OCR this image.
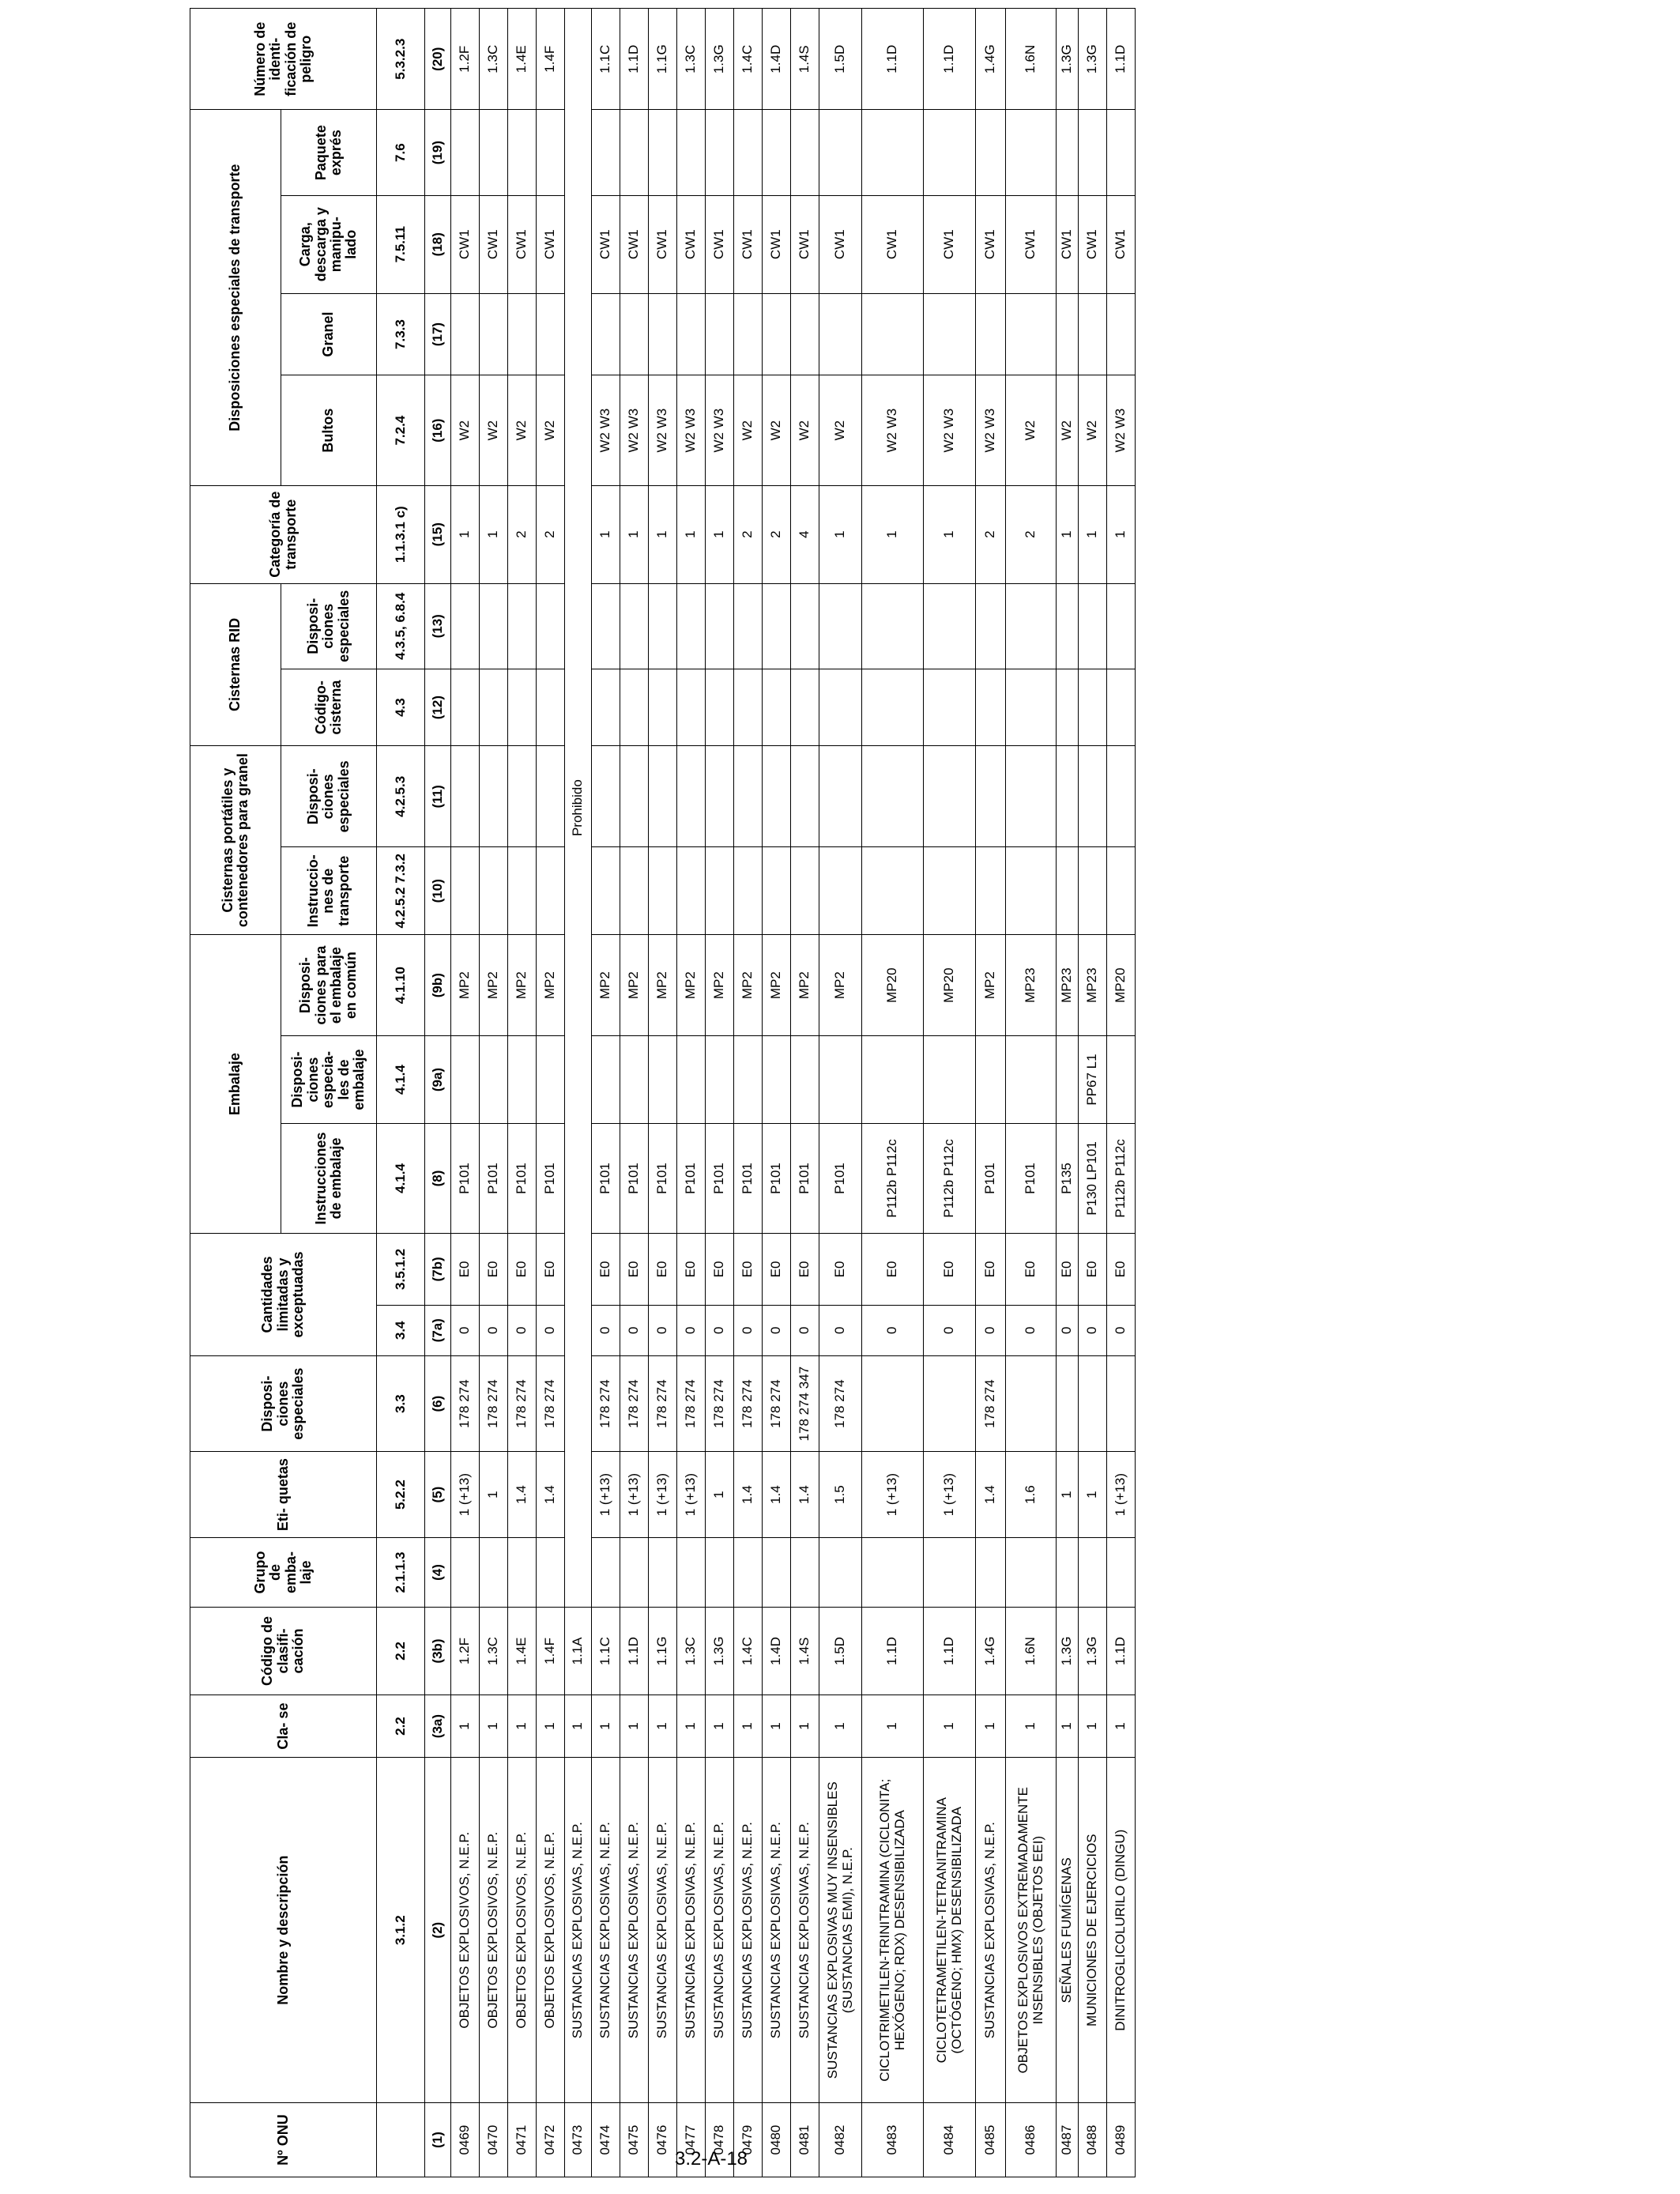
Nº ONU	Nombre y descripción	Cla- se	Código de clasifi- cación	Grupo de emba- laje	Eti- quetas	Disposi- ciones especiales	Cantidades limitadas y exceptuadas		Embalaje			Cisternas portátiles y contenedores para granel		Cisternas RID		Categoría de transporte	Disposiciones especiales de transporte				Número de identi- ficación de peligro
									Instrucciones de embalaje	Disposi- ciones especia- les de embalaje	Disposi- ciones para el embalaje en común	Instruccio- nes de transporte	Disposi- ciones especiales	Código- cisterna	Disposi- ciones especiales		Bultos	Granel	Carga, descarga y manipu- lado	Paquete exprés	
	3.1.2	2.2	2.2	2.1.1.3	5.2.2	3.3	3.4	3.5.1.2	4.1.4	4.1.4	4.1.10	4.2.5.2 7.3.2	4.2.5.3	4.3	4.3.5, 6.8.4	1.1.3.1 c)	7.2.4	7.3.3	7.5.11	7.6	5.3.2.3
(1)	(2)	(3a)	(3b)	(4)	(5)	(6)	(7a)	(7b)	(8)	(9a)	(9b)	(10)	(11)	(12)	(13)	(15)	(16)	(17)	(18)	(19)	(20)
0469	OBJETOS EXPLOSIVOS, N.E.P.	1	1.2F		1 (+13)	178 274	0	E0	P101		MP2					1	W2		CW1		1.2F
0470	OBJETOS EXPLOSIVOS, N.E.P.	1	1.3C		1	178 274	0	E0	P101		MP2					1	W2		CW1		1.3C
0471	OBJETOS EXPLOSIVOS, N.E.P.	1	1.4E		1.4	178 274	0	E0	P101		MP2					2	W2		CW1		1.4E
0472	OBJETOS EXPLOSIVOS, N.E.P.	1	1.4F		1.4	178 274	0	E0	P101		MP2					2	W2		CW1		1.4F
0473	SUSTANCIAS EXPLOSIVAS, N.E.P.	1	1.1A	Prohibido																	
0474	SUSTANCIAS EXPLOSIVAS, N.E.P.	1	1.1C		1 (+13)	178 274	0	E0	P101		MP2					1	W2 W3		CW1		1.1C
0475	SUSTANCIAS EXPLOSIVAS, N.E.P.	1	1.1D		1 (+13)	178 274	0	E0	P101		MP2					1	W2 W3		CW1		1.1D
0476	SUSTANCIAS EXPLOSIVAS, N.E.P.	1	1.1G		1 (+13)	178 274	0	E0	P101		MP2					1	W2 W3		CW1		1.1G
0477	SUSTANCIAS EXPLOSIVAS, N.E.P.	1	1.3C		1 (+13)	178 274	0	E0	P101		MP2					1	W2 W3		CW1		1.3C
0478	SUSTANCIAS EXPLOSIVAS, N.E.P.	1	1.3G		1	178 274	0	E0	P101		MP2					1	W2 W3		CW1		1.3G
0479	SUSTANCIAS EXPLOSIVAS, N.E.P.	1	1.4C		1.4	178 274	0	E0	P101		MP2					2	W2		CW1		1.4C
0480	SUSTANCIAS EXPLOSIVAS, N.E.P.	1	1.4D		1.4	178 274	0	E0	P101		MP2					2	W2		CW1		1.4D
0481	SUSTANCIAS EXPLOSIVAS, N.E.P.	1	1.4S		1.4	178 274 347	0	E0	P101		MP2					4	W2		CW1		1.4S
0482	SUSTANCIAS EXPLOSIVAS MUY INSENSIBLES (SUSTANCIAS EMI), N.E.P.	1	1.5D		1.5	178 274	0	E0	P101		MP2					1	W2		CW1		1.5D
0483	CICLOTRIMETILEN-TRINITRAMINA (CICLONITA; HEXÓGENO; RDX) DESENSIBILIZADA	1	1.1D		1 (+13)		0	E0	P112b P112c		MP20					1	W2 W3		CW1		1.1D
0484	CICLOTETRAMETILEN-TETRANITRAMINA (OCTÓGENO; HMX) DESENSIBILIZADA	1	1.1D		1 (+13)		0	E0	P112b P112c		MP20					1	W2 W3		CW1		1.1D
0485	SUSTANCIAS EXPLOSIVAS, N.E.P.	1	1.4G		1.4	178 274	0	E0	P101		MP2					2	W2 W3		CW1		1.4G
0486	OBJETOS EXPLOSIVOS EXTREMADAMENTE INSENSIBLES (OBJETOS EEI)	1	1.6N		1.6		0	E0	P101		MP23					2	W2		CW1		1.6N
0487	SEÑALES FUMÍGENAS	1	1.3G		1		0	E0	P135		MP23					1	W2		CW1		1.3G
0488	MUNICIONES DE EJERCICIOS	1	1.3G		1		0	E0	P130 LP101	PP67 L1	MP23					1	W2		CW1		1.3G
0489	DINITROGLICOLURILO (DINGU)	1	1.1D		1 (+13)		0	E0	P112b P112c		MP20					1	W2 W3		CW1		1.1D
3.2-A-18
